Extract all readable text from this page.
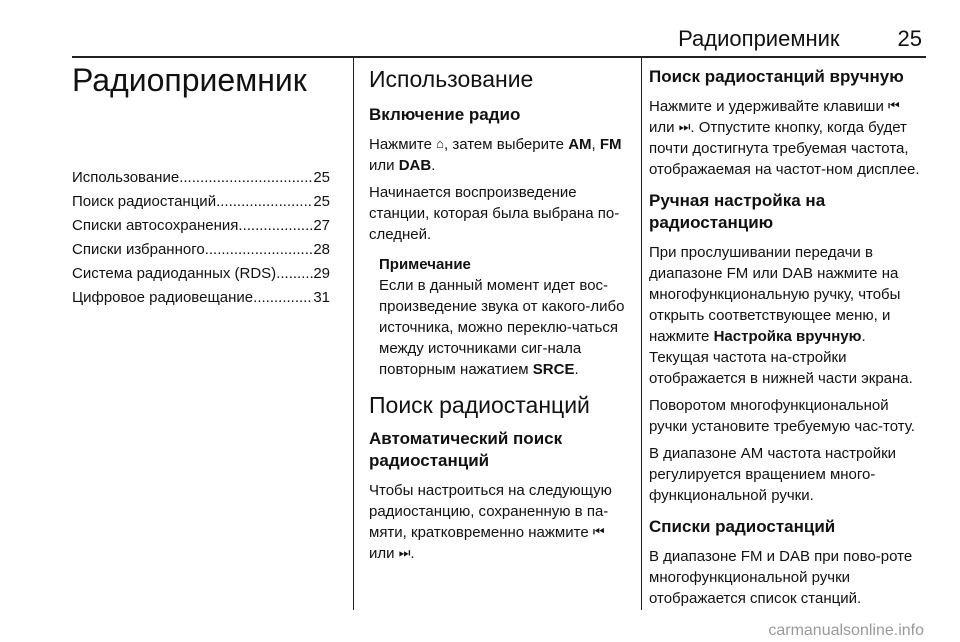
Радиоприемник	25
Радиоприемник
Использование .....	25
Поиск радиостанций .....	25
Списки автосохранения .....	27
Списки избранного .....	28
Система радиоданных (RDS) ..... 29
Цифровое радиовещание .....	31
Использование
Включение радио

Нажмите ⌂, затем выберите AM, FM или DAB.

Начинается воспроизведение станции, которая была выбрана по-следней.

Примечание

Если в данный момент идет вос-произведение звука от какого-либо источника, можно переклю-чаться между источниками сиг-нала повторным нажатием SRCE.

Поиск радиостанций
Автоматический поиск радиостанций

Чтобы настроиться на следующую радиостанцию, сохраненную в па-мяти, кратковременно нажмите ⏮
или ⏭.

Поиск радиостанций вручную

Нажмите и удерживайте клавиши ⏮ или ⏭. Отпустите кнопку, когда будет почти достигнута требуемая частота, отображаемая на частот-ном дисплее.

Ручная настройка на радиостанцию

При прослушивании передачи в диапазоне FM или DAB нажмите на многофункциональную ручку, чтобы открыть соответствующее меню, и нажмите Настройка вручную. Текущая частота на-стройки отображается в нижней части экрана.

Поворотом многофункциональной ручки установите требуемую час-тоту.

В диапазоне AM частота настройки регулируется вращением много-функциональной ручки.

Списки радиостанций

В диапазоне FM и DAB при пово-роте многофункциональной ручки отображается список станций.

carmanualsonline.info
